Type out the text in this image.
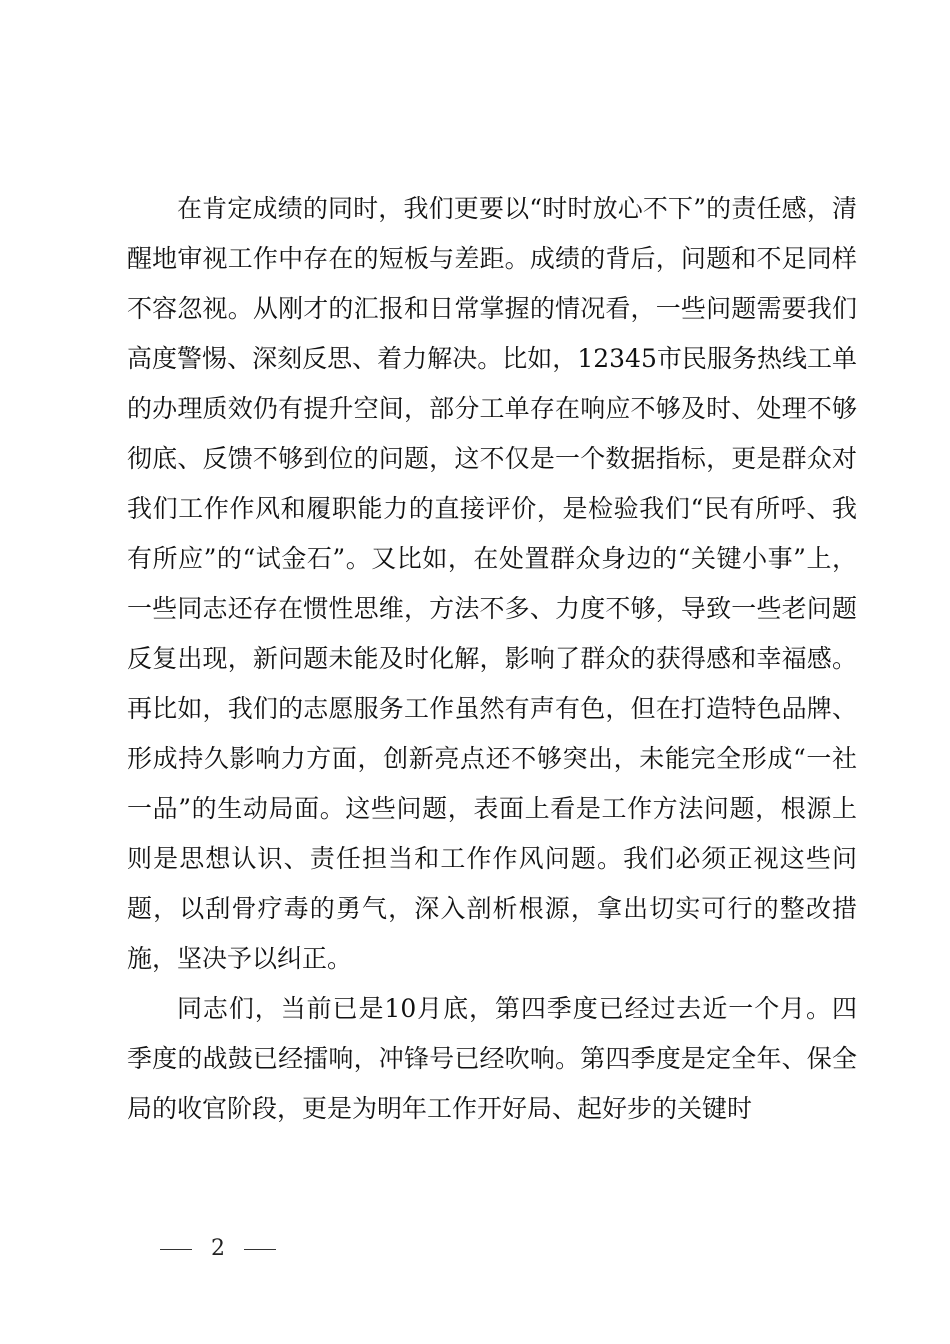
在肯定成绩的同时，我们更要以“时时放心不下”的责任感，清醒地审视工作中存在的短板与差距。成绩的背后，问题和不足同样不容忽视。从刚才的汇报和日常掌握的情况看，一些问题需要我们高度警惕、深刻反思、着力解决。比如，12345市民服务热线工单的办理质效仍有提升空间，部分工单存在响应不够及时、处理不够彻底、反馈不够到位的问题，这不仅是一个数据指标，更是群众对我们工作作风和履职能力的直接评价，是检验我们“民有所呼、我有所应”的“试金石”。又比如，在处置群众身边的“关键小事”上，一些同志还存在惯性思维，方法不多、力度不够，导致一些老问题反复出现，新问题未能及时化解，影响了群众的获得感和幸福感。再比如，我们的志愿服务工作虽然有声有色，但在打造特色品牌、形成持久影响力方面，创新亮点还不够突出，未能完全形成“一社一品”的生动局面。这些问题，表面上看是工作方法问题，根源上则是思想认识、责任担当和工作作风问题。我们必须正视这些问题，以刮骨疗毒的勇气，深入剖析根源，拿出切实可行的整改措施，坚决予以纠正。

同志们，当前已是10月底，第四季度已经过去近一个月。四季度的战鼓已经擂响，冲锋号已经吹响。第四季度是定全年、保全局的收官阶段，更是为明年工作开好局、起好步的关键时

2
